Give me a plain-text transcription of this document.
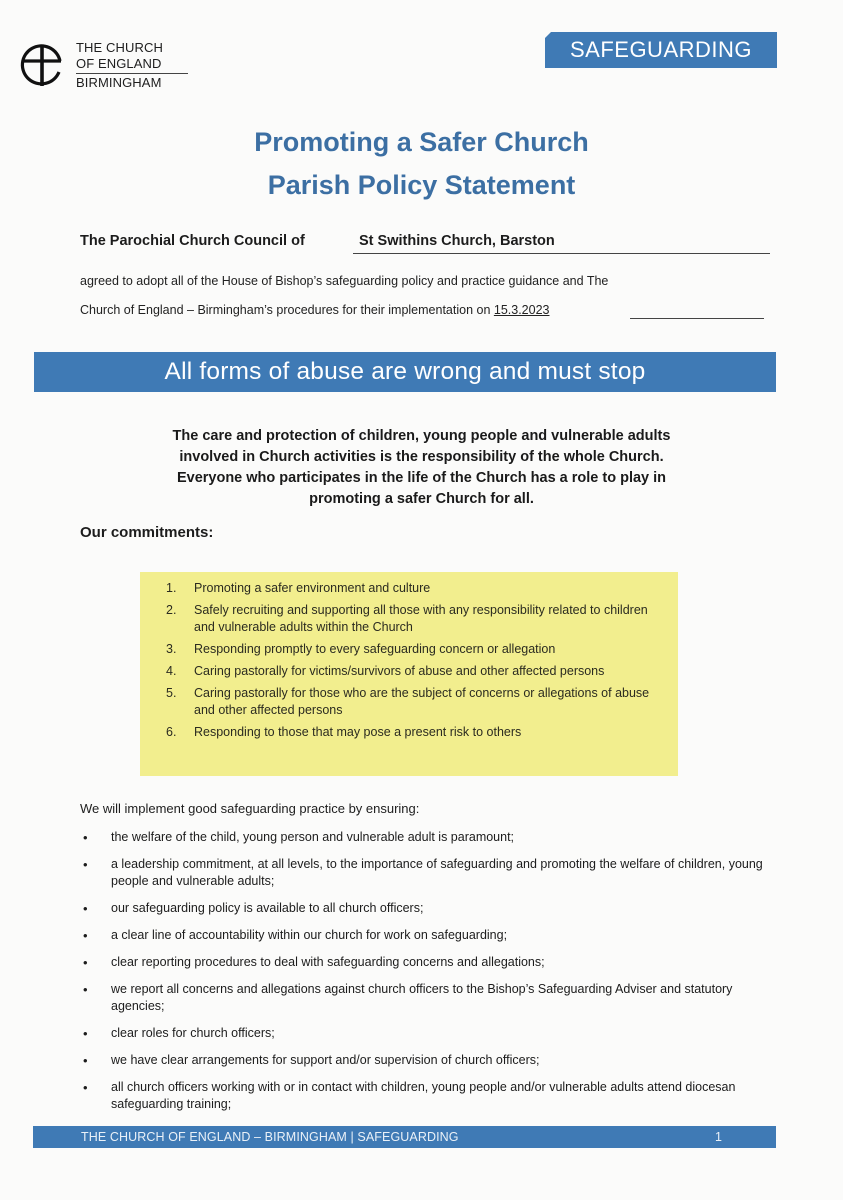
THE CHURCH
OF ENGLAND
BIRMINGHAM
SAFEGUARDING
Promoting a Safer Church
Parish Policy Statement
The Parochial Church Council of	St Swithins Church, Barston
agreed to adopt all of the House of Bishop’s safeguarding policy and practice guidance and The
Church of England – Birmingham’s procedures for their implementation on 15.3.2023
All forms of abuse are wrong and must stop
The care and protection of children, young people and vulnerable adults
involved in Church activities is the responsibility of the whole Church.
Everyone who participates in the life of the Church has a role to play in
promoting a safer Church for all.
Our commitments:
1. Promoting a safer environment and culture
2. Safely recruiting and supporting all those with any responsibility related to children and vulnerable adults within the Church
3. Responding promptly to every safeguarding concern or allegation
4. Caring pastorally for victims/survivors of abuse and other affected persons
5. Caring pastorally for those who are the subject of concerns or allegations of abuse and other affected persons
6. Responding to those that may pose a present risk to others
We will implement good safeguarding practice by ensuring:
• the welfare of the child, young person and vulnerable adult is paramount;
• a leadership commitment, at all levels, to the importance of safeguarding and promoting the welfare of children, young people and vulnerable adults;
• our safeguarding policy is available to all church officers;
• a clear line of accountability within our church for work on safeguarding;
• clear reporting procedures to deal with safeguarding concerns and allegations;
• we report all concerns and allegations against church officers to the Bishop’s Safeguarding Adviser and statutory agencies;
• clear roles for church officers;
• we have clear arrangements for support and/or supervision of church officers;
• all church officers working with or in contact with children, young people and/or vulnerable adults attend diocesan safeguarding training;
THE CHURCH OF ENGLAND – BIRMINGHAM | SAFEGUARDING	1
